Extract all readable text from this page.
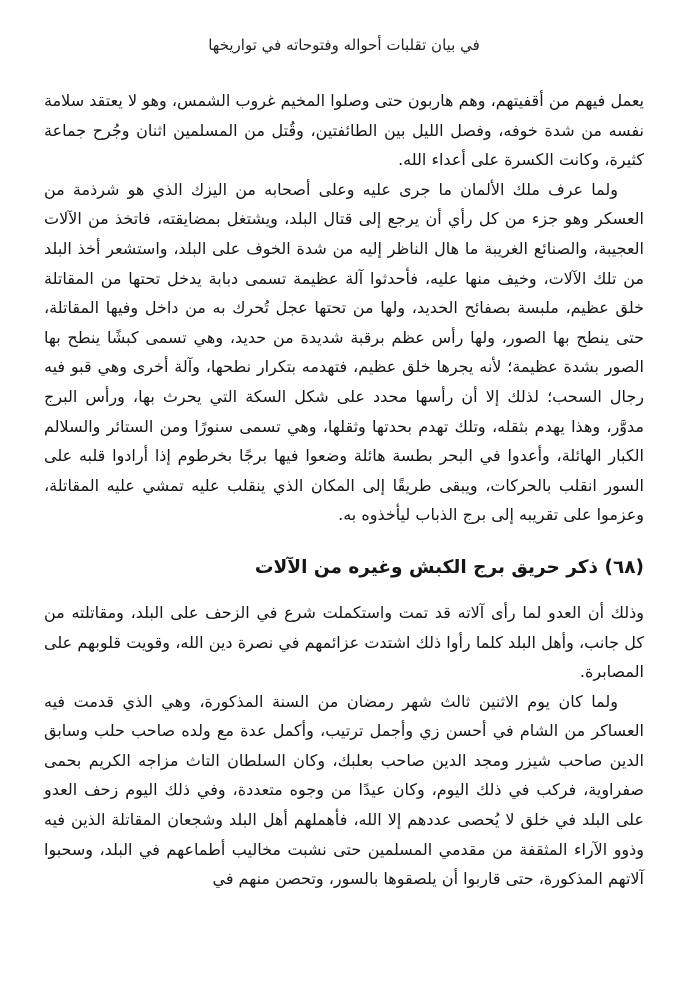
في بيان تقلبات أحواله وفتوحاته في تواريخها

يعمل فيهم من أقفيتهم، وهم هاربون حتى وصلوا المخيم غروب الشمس، وهو لا يعتقد سلامة نفسه من شدة خوفه، وفصل الليل بين الطائفتين، وقُتل من المسلمين اثنان وجُرح جماعة كثيرة، وكانت الكسرة على أعداء الله.

ولما عرف ملك الألمان ما جرى عليه وعلى أصحابه من اليزك الذي هو شرذمة من العسكر وهو جزء من كل رأي أن يرجع إلى قتال البلد، ويشتغل بمضايقته، فاتخذ من الآلات العجيبة، والصنائع الغريبة ما هال الناظر إليه من شدة الخوف على البلد، واستشعر أخذ البلد من تلك الآلات، وخيف منها عليه، فأحدثوا آلة عظيمة تسمى دبابة يدخل تحتها من المقاتلة خلق عظيم، ملبسة بصفائح الحديد، ولها من تحتها عجل تُحرك به من داخل وفيها المقاتلة، حتى ينطح بها الصور، ولها رأس عظم برقبة شديدة من حديد، وهي تسمى كبشًا ينطح بها الصور بشدة عظيمة؛ لأنه يجرها خلق عظيم، فتهدمه بتكرار نطحها، وآلة أخرى وهي قبو فيه رجال السحب؛ لذلك إلا أن رأسها محدد على شكل السكة التي يحرث بها، ورأس البرج مدوَّر، وهذا يهدم بثقله، وتلك تهدم بحدتها وثقلها، وهي تسمى سنورًا ومن الستائر والسلالم الكبار الهائلة، وأعدوا في البحر بطسة هائلة وضعوا فيها برجًا بخرطوم إذا أرادوا قلبه على السور انقلب بالحركات، ويبقى طريقًا إلى المكان الذي ينقلب عليه تمشي عليه المقاتلة، وعزموا على تقريبه إلى برج الذباب ليأخذوه به.

(٦٨) ذكر حريق برج الكبش وغيره من الآلات

وذلك أن العدو لما رأى آلاته قد تمت واستكملت شرع في الزحف على البلد، ومقاتلته من كل جانب، وأهل البلد كلما رأوا ذلك اشتدت عزائمهم في نصرة دين الله، وقويت قلوبهم على المصابرة.

ولما كان يوم الاثنين ثالث شهر رمضان من السنة المذكورة، وهي الذي قدمت فيه العساكر من الشام في أحسن زي وأجمل ترتيب، وأكمل عدة مع ولده صاحب حلب وسابق الدين صاحب شيزر ومجد الدين صاحب بعلبك، وكان السلطان التاث مزاجه الكريم بحمى صفراوية، فركب في ذلك اليوم، وكان عيدًا من وجوه متعددة، وفي ذلك اليوم زحف العدو على البلد في خلق لا يُحصى عددهم إلا الله، فأهملهم أهل البلد وشجعان المقاتلة الذين فيه وذوو الآراء المثقفة من مقدمي المسلمين حتى نشبت مخاليب أطماعهم في البلد، وسحبوا آلاتهم المذكورة، حتى قاربوا أن يلصقوها بالسور، وتحصن منهم في
